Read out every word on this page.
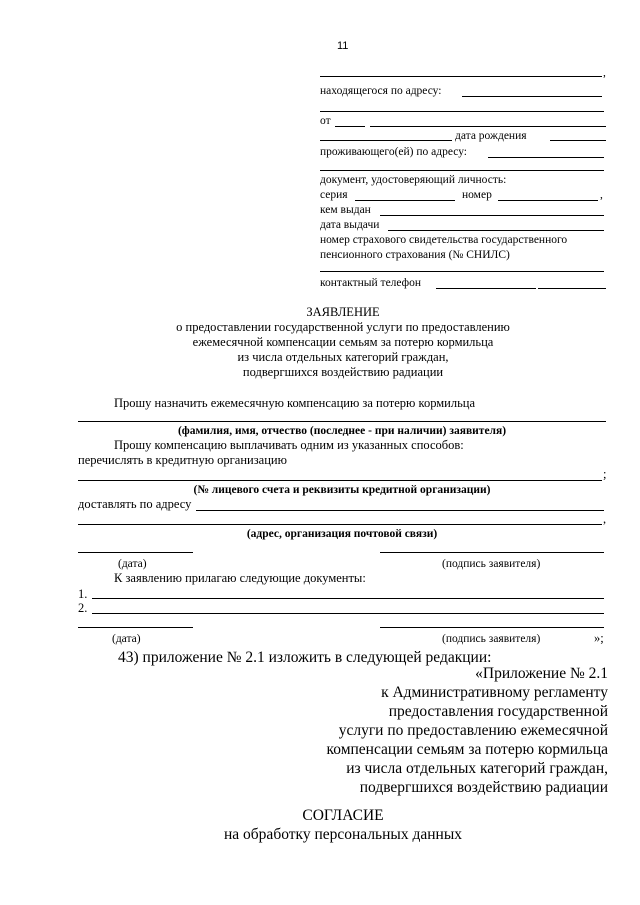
11
,
находящегося по адресу:
от
дата рождения
проживающего(ей) по адресу:
документ, удостоверяющий личность:
серия	номер	,
кем выдан
дата выдачи
номер страхового свидетельства государственного
пенсионного страхования (№ СНИЛС)
контактный телефон
ЗАЯВЛЕНИЕ
о предоставлении государственной услуги по предоставлению
ежемесячной компенсации семьям за потерю кормильца
из числа отдельных категорий граждан,
подвергшихся воздействию радиации
Прошу назначить ежемесячную компенсацию за потерю кормильца
(фамилия, имя, отчество (последнее - при наличии) заявителя)
Прошу компенсацию выплачивать одним из указанных способов:
перечислять в кредитную организацию
;
(№ лицевого счета и реквизиты кредитной организации)
доставлять по адресу
,
(адрес, организация почтовой связи)
(дата)	(подпись заявителя)
К заявлению прилагаю следующие документы:
1.
2.
(дата)	(подпись заявителя)	»;
43) приложение № 2.1 изложить в следующей редакции:
«Приложение № 2.1
к Административному регламенту
предоставления государственной
услуги по предоставлению ежемесячной
компенсации семьям за потерю кормильца
из числа отдельных категорий граждан,
подвергшихся воздействию радиации
СОГЛАСИЕ
на обработку персональных данных
